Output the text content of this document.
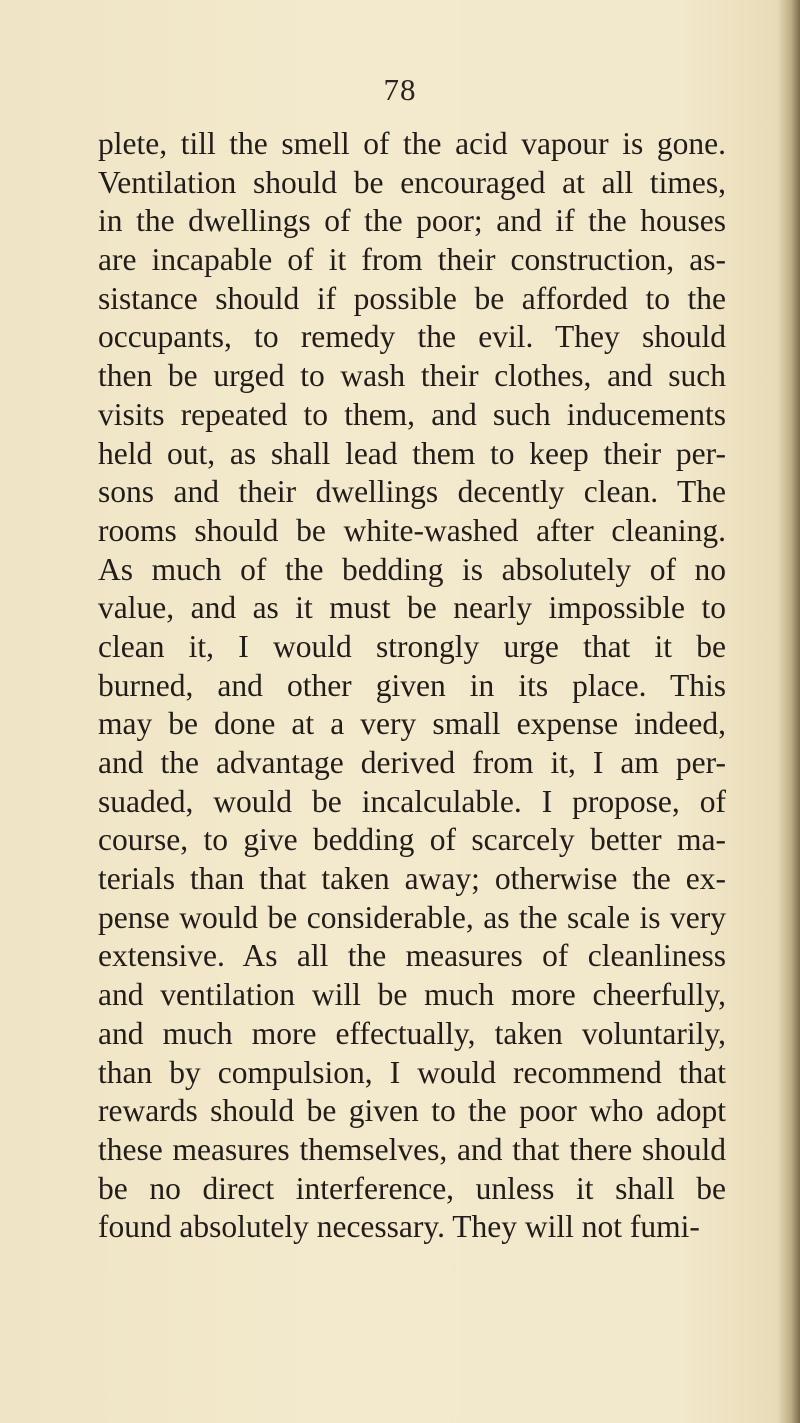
78
plete, till the smell of the acid vapour is gone.
Ventilation should be encouraged at all times,
in the dwellings of the poor; and if the houses
are incapable of it from their construction, as-
sistance should if possible be afforded to the
occupants, to remedy the evil. They should
then be urged to wash their clothes, and such
visits repeated to them, and such inducements
held out, as shall lead them to keep their per-
sons and their dwellings decently clean. The
rooms should be white-washed after cleaning.
As much of the bedding is absolutely of no
value, and as it must be nearly impossible to
clean it, I would strongly urge that it be
burned, and other given in its place. This
may be done at a very small expense indeed,
and the advantage derived from it, I am per-
suaded, would be incalculable. I propose, of
course, to give bedding of scarcely better ma-
terials than that taken away; otherwise the ex-
pense would be considerable, as the scale is very
extensive. As all the measures of cleanliness
and ventilation will be much more cheerfully,
and much more effectually, taken voluntarily,
than by compulsion, I would recommend that
rewards should be given to the poor who adopt
these measures themselves, and that there should
be no direct interference, unless it shall be
found absolutely necessary. They will not fumi-
